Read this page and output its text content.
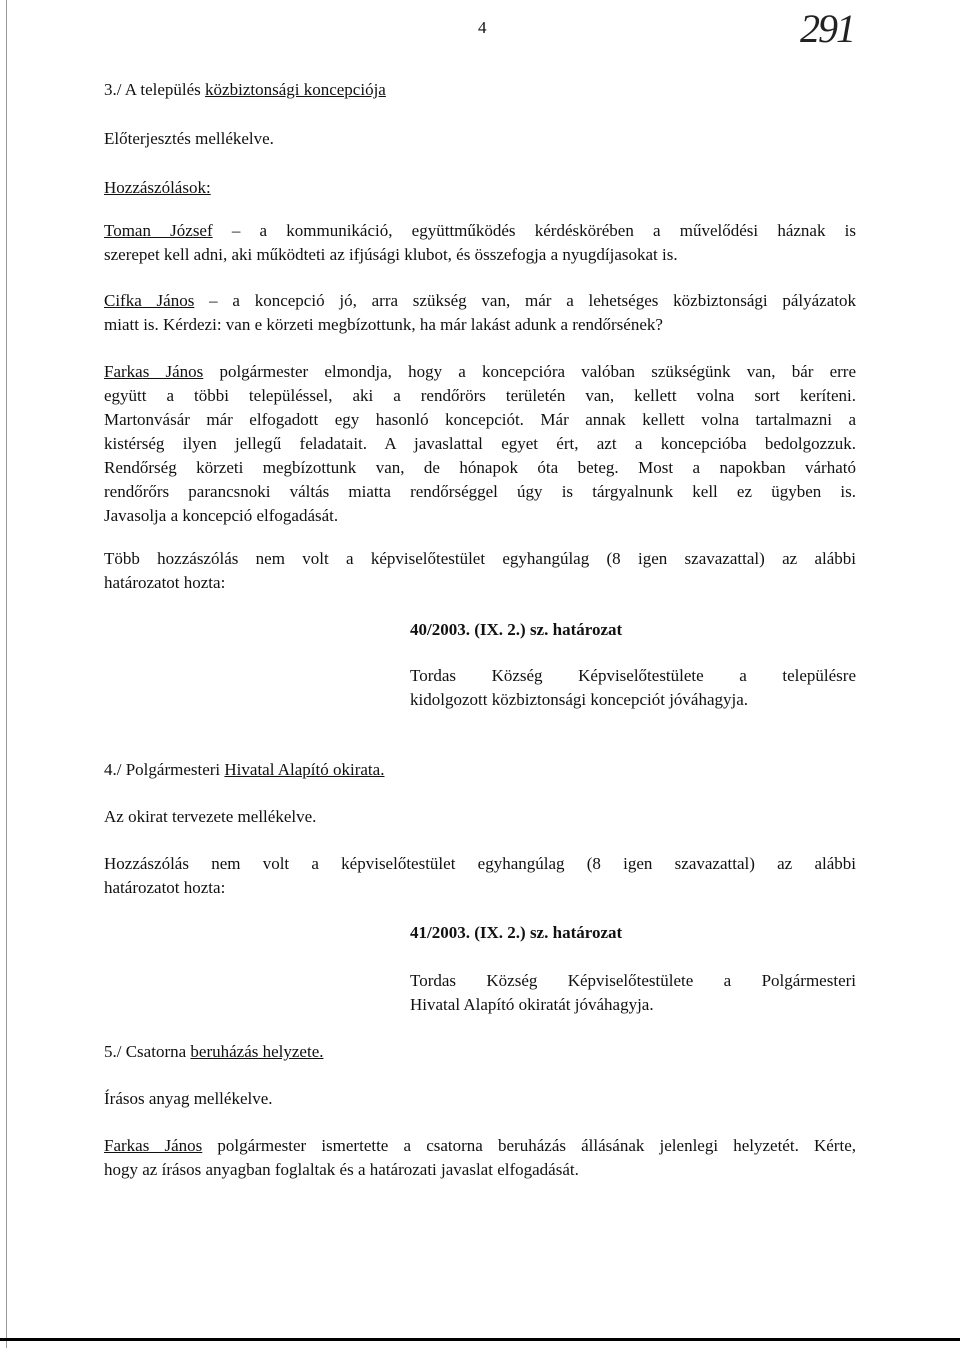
4	291
3./ A település közbiztonsági koncepciója
Előterjesztés mellékelve.
Hozzászólások:
Toman József – a kommunikáció, együttműködés kérdéskörében a művelődési háznak is
szerepet kell adni, aki működteti az ifjúsági klubot, és összefogja a nyugdíjasokat is.
Cifka János – a koncepció jó, arra szükség van, már a lehetséges közbiztonsági pályázatok
miatt is. Kérdezi: van e körzeti megbízottunk, ha már lakást adunk a rendőrsének?
Farkas János polgármester elmondja, hogy a koncepcióra valóban szükségünk van, bár erre
együtt a többi településsel, aki a rendőrörs területén van, kellett volna sort keríteni.
Martonvásár már elfogadott egy hasonló koncepciót. Már annak kellett volna tartalmazni a
kistérség ilyen jellegű feladatait. A javaslattal egyet ért, azt a koncepcióba bedolgozzuk.
Rendőrség körzeti megbízottunk van, de hónapok óta beteg. Most a napokban várható
rendőrőrs parancsnoki váltás miatta rendőrséggel úgy is tárgyalnunk kell ez ügyben is.
Javasolja a koncepció elfogadását.
Több hozzászólás nem volt a képviselőtestület egyhangúlag (8 igen szavazattal) az alábbi
határozatot hozta:
40/2003. (IX. 2.) sz. határozat
Tordas Község Képviselőtestülete a településre
kidolgozott közbiztonsági koncepciót jóváhagyja.
4./ Polgármesteri Hivatal Alapító okirata.
Az okirat tervezete mellékelve.
Hozzászólás nem volt a képviselőtestület egyhangúlag (8 igen szavazattal) az alábbi
határozatot hozta:
41/2003. (IX. 2.) sz. határozat
Tordas Község Képviselőtestülete a Polgármesteri
Hivatal Alapító okiratát jóváhagyja.
5./ Csatorna beruházás helyzete.
Írásos anyag mellékelve.
Farkas János polgármester ismertette a csatorna beruházás állásának jelenlegi helyzetét. Kérte,
hogy az írásos anyagban foglaltak és a határozati javaslat elfogadását.
